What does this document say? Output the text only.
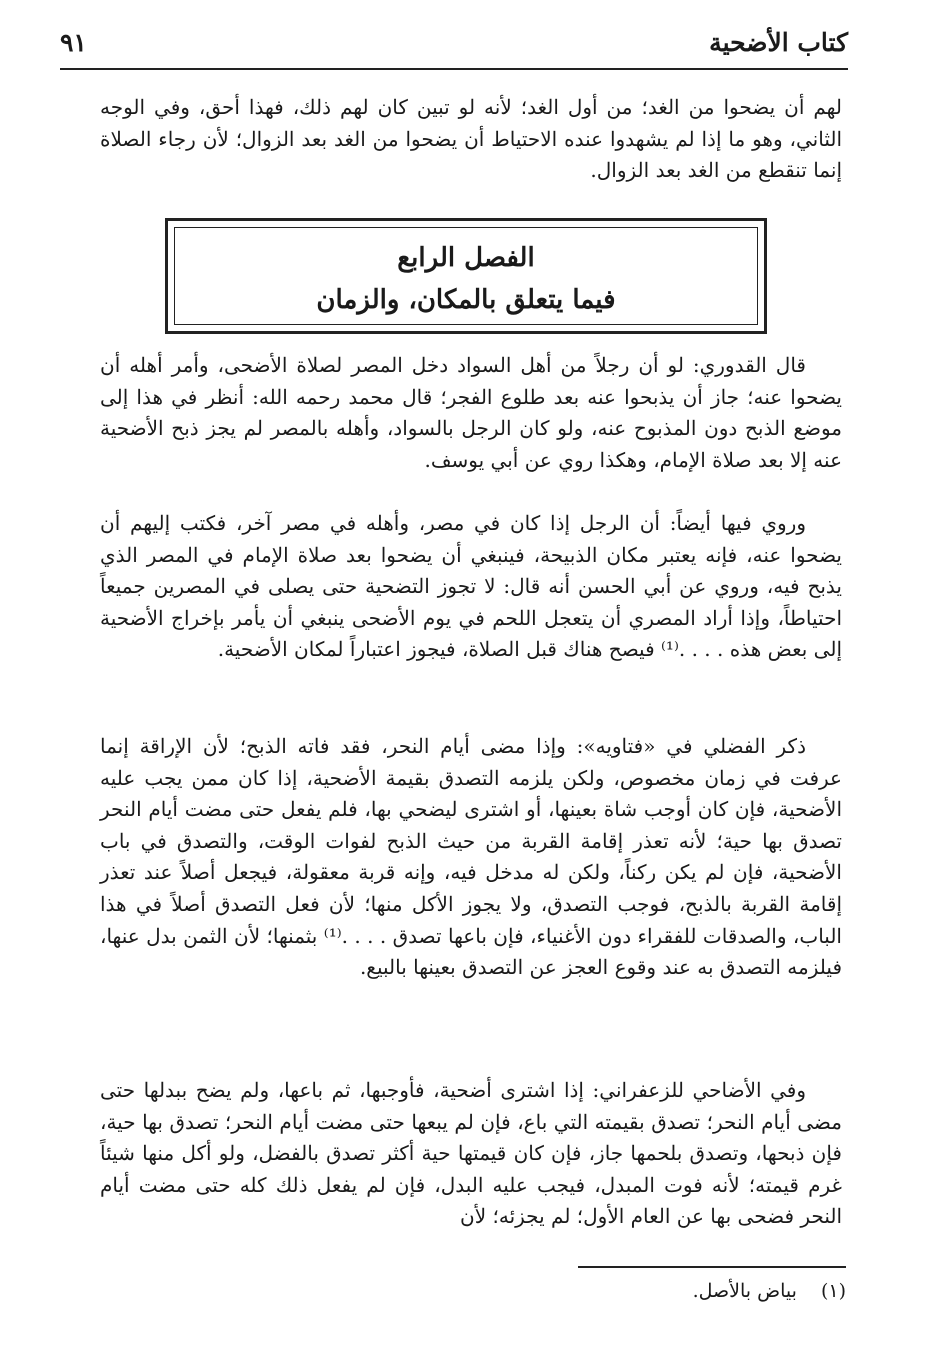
كتاب الأضحية
٩١

لهم أن يضحوا من الغد؛ من أول الغد؛ لأنه لو تبين كان لهم ذلك، فهذا أحق، وفي الوجه الثاني، وهو ما إذا لم يشهدوا عنده الاحتياط أن يضحوا من الغد بعد الزوال؛ لأن رجاء الصلاة إنما تنقطع من الغد بعد الزوال.

الفصل الرابع
فيما يتعلق بالمكان، والزمان

قال القدوري: لو أن رجلاً من أهل السواد دخل المصر لصلاة الأضحى، وأمر أهله أن يضحوا عنه؛ جاز أن يذبحوا عنه بعد طلوع الفجر؛ قال محمد رحمه الله: أنظر في هذا إلى موضع الذبح دون المذبوح عنه، ولو كان الرجل بالسواد، وأهله بالمصر لم يجز ذبح الأضحية عنه إلا بعد صلاة الإمام، وهكذا روي عن أبي يوسف.

وروي فيها أيضاً: أن الرجل إذا كان في مصر، وأهله في مصر آخر، فكتب إليهم أن يضحوا عنه، فإنه يعتبر مكان الذبيحة، فينبغي أن يضحوا بعد صلاة الإمام في المصر الذي يذبح فيه، وروي عن أبي الحسن أنه قال: لا تجوز التضحية حتى يصلى في المصرين جميعاً احتياطاً، وإذا أراد المصري أن يتعجل اللحم في يوم الأضحى ينبغي أن يأمر بإخراج الأضحية إلى بعض هذه . . . .⁽¹⁾ فيصح هناك قبل الصلاة، فيجوز اعتباراً لمكان الأضحية.

ذكر الفضلي في «فتاويه»: وإذا مضى أيام النحر، فقد فاته الذبح؛ لأن الإراقة إنما عرفت في زمان مخصوص، ولكن يلزمه التصدق بقيمة الأضحية، إذا كان ممن يجب عليه الأضحية، فإن كان أوجب شاة بعينها، أو اشترى ليضحي بها، فلم يفعل حتى مضت أيام النحر تصدق بها حية؛ لأنه تعذر إقامة القربة من حيث الذبح لفوات الوقت، والتصدق في باب الأضحية، فإن لم يكن ركناً، ولكن له مدخل فيه، وإنه قربة معقولة، فيجعل أصلاً عند تعذر إقامة القربة بالذبح، فوجب التصدق، ولا يجوز الأكل منها؛ لأن فعل التصدق أصلاً في هذا الباب، والصدقات للفقراء دون الأغنياء، فإن باعها تصدق . . . .⁽¹⁾ بثمنها؛ لأن الثمن بدل عنها، فيلزمه التصدق به عند وقوع العجز عن التصدق بعينها بالبيع.

وفي الأضاحي للزعفراني: إذا اشترى أضحية، فأوجبها، ثم باعها، ولم يضح ببدلها حتى مضى أيام النحر؛ تصدق بقيمته التي باع، فإن لم يبعها حتى مضت أيام النحر؛ تصدق بها حية، فإن ذبحها، وتصدق بلحمها جاز، فإن كان قيمتها حية أكثر تصدق بالفضل، ولو أكل منها شيئاً غرم قيمته؛ لأنه فوت المبدل، فيجب عليه البدل، فإن لم يفعل ذلك كله حتى مضت أيام النحر فضحى بها عن العام الأول؛ لم يجزئه؛ لأن

(١) بياض بالأصل.
